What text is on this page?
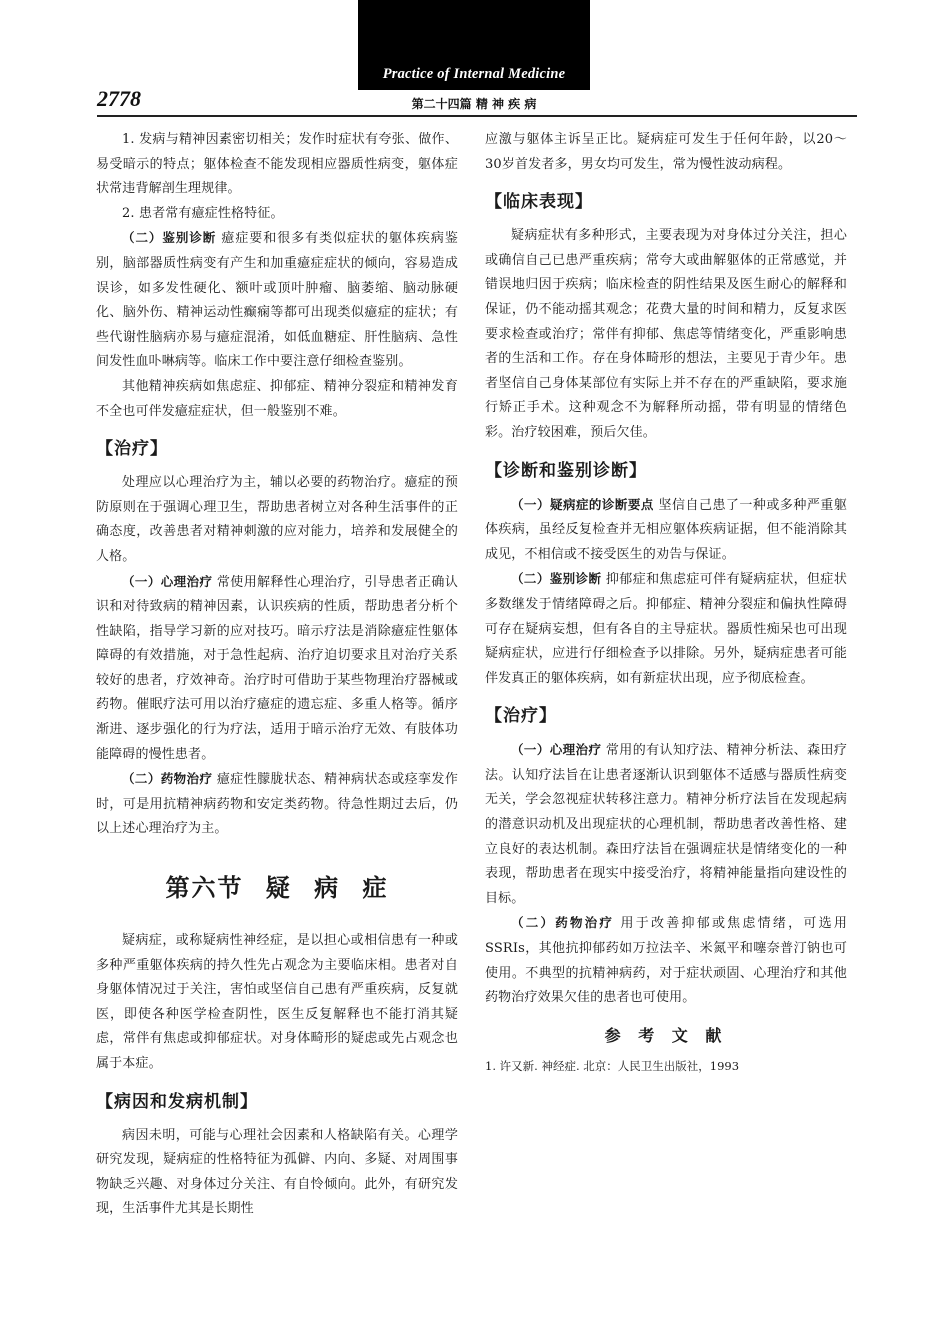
Practice of Internal Medicine
2778	第二十四篇 精 神 疾 病

1. 发病与精神因素密切相关；发作时症状有夸张、做作、易受暗示的特点；躯体检查不能发现相应器质性病变，躯体症状常违背解剖生理规律。

2. 患者常有癔症性格特征。

（二）鉴别诊断 癔症要和很多有类似症状的躯体疾病鉴别，脑部器质性病变有产生和加重癔症症状的倾向，容易造成误诊，如多发性硬化、额叶或顶叶肿瘤、脑萎缩、脑动脉硬化、脑外伤、精神运动性癫痫等都可出现类似癔症的症状；有些代谢性脑病亦易与癔症混淆，如低血糖症、肝性脑病、急性间发性血卟啉病等。临床工作中要注意仔细检查鉴别。

其他精神疾病如焦虑症、抑郁症、精神分裂症和精神发育不全也可伴发癔症症状，但一般鉴别不难。

【治疗】

处理应以心理治疗为主，辅以必要的药物治疗。癔症的预防原则在于强调心理卫生，帮助患者树立对各种生活事件的正确态度，改善患者对精神刺激的应对能力，培养和发展健全的人格。

（一）心理治疗 常使用解释性心理治疗，引导患者正确认识和对待致病的精神因素，认识疾病的性质，帮助患者分析个性缺陷，指导学习新的应对技巧。暗示疗法是消除癔症性躯体障碍的有效措施，对于急性起病、治疗迫切要求且对治疗关系较好的患者，疗效神奇。治疗时可借助于某些物理治疗器械或药物。催眠疗法可用以治疗癔症的遗忘症、多重人格等。循序渐进、逐步强化的行为疗法，适用于暗示治疗无效、有肢体功能障碍的慢性患者。

（二）药物治疗 癔症性朦胧状态、精神病状态或痉挛发作时，可是用抗精神病药物和安定类药物。待急性期过去后，仍以上述心理治疗为主。

第六节 疑 病 症

疑病症，或称疑病性神经症，是以担心或相信患有一种或多种严重躯体疾病的持久性先占观念为主要临床相。患者对自身躯体情况过于关注，害怕或坚信自己患有严重疾病，反复就医，即使各种医学检查阴性，医生反复解释也不能打消其疑虑，常伴有焦虑或抑郁症状。对身体畸形的疑虑或先占观念也属于本症。

【病因和发病机制】

病因未明，可能与心理社会因素和人格缺陷有关。心理学研究发现，疑病症的性格特征为孤僻、内向、多疑、对周围事物缺乏兴趣、对身体过分关注、有自怜倾向。此外，有研究发现，生活事件尤其是长期性

应激与躯体主诉呈正比。疑病症可发生于任何年龄，以20～30岁首发者多，男女均可发生，常为慢性波动病程。

【临床表现】

疑病症状有多种形式，主要表现为对身体过分关注，担心或确信自己已患严重疾病；常夸大或曲解躯体的正常感觉，并错误地归因于疾病；临床检查的阴性结果及医生耐心的解释和保证，仍不能动摇其观念；花费大量的时间和精力，反复求医要求检查或治疗；常伴有抑郁、焦虑等情绪变化，严重影响患者的生活和工作。存在身体畸形的想法，主要见于青少年。患者坚信自己身体某部位有实际上并不存在的严重缺陷，要求施行矫正手术。这种观念不为解释所动摇，带有明显的情绪色彩。治疗较困难，预后欠佳。

【诊断和鉴别诊断】

（一）疑病症的诊断要点 坚信自己患了一种或多种严重躯体疾病，虽经反复检查并无相应躯体疾病证据，但不能消除其成见，不相信或不接受医生的劝告与保证。

（二）鉴别诊断 抑郁症和焦虑症可伴有疑病症状，但症状多数继发于情绪障碍之后。抑郁症、精神分裂症和偏执性障碍可存在疑病妄想，但有各自的主导症状。器质性痴呆也可出现疑病症状，应进行仔细检查予以排除。另外，疑病症患者可能伴发真正的躯体疾病，如有新症状出现，应予彻底检查。

【治疗】

（一）心理治疗 常用的有认知疗法、精神分析法、森田疗法。认知疗法旨在让患者逐渐认识到躯体不适感与器质性病变无关，学会忽视症状转移注意力。精神分析疗法旨在发现起病的潜意识动机及出现症状的心理机制，帮助患者改善性格、建立良好的表达机制。森田疗法旨在强调症状是情绪变化的一种表现，帮助患者在现实中接受治疗，将精神能量指向建设性的目标。

（二）药物治疗 用于改善抑郁或焦虑情绪，可选用SSRIs，其他抗抑郁药如万拉法辛、米氮平和噻奈普汀钠也可使用。不典型的抗精神病药，对于症状顽固、心理治疗和其他药物治疗效果欠佳的患者也可使用。

参 考 文 献

1. 许又新. 神经症. 北京：人民卫生出版社，1993
